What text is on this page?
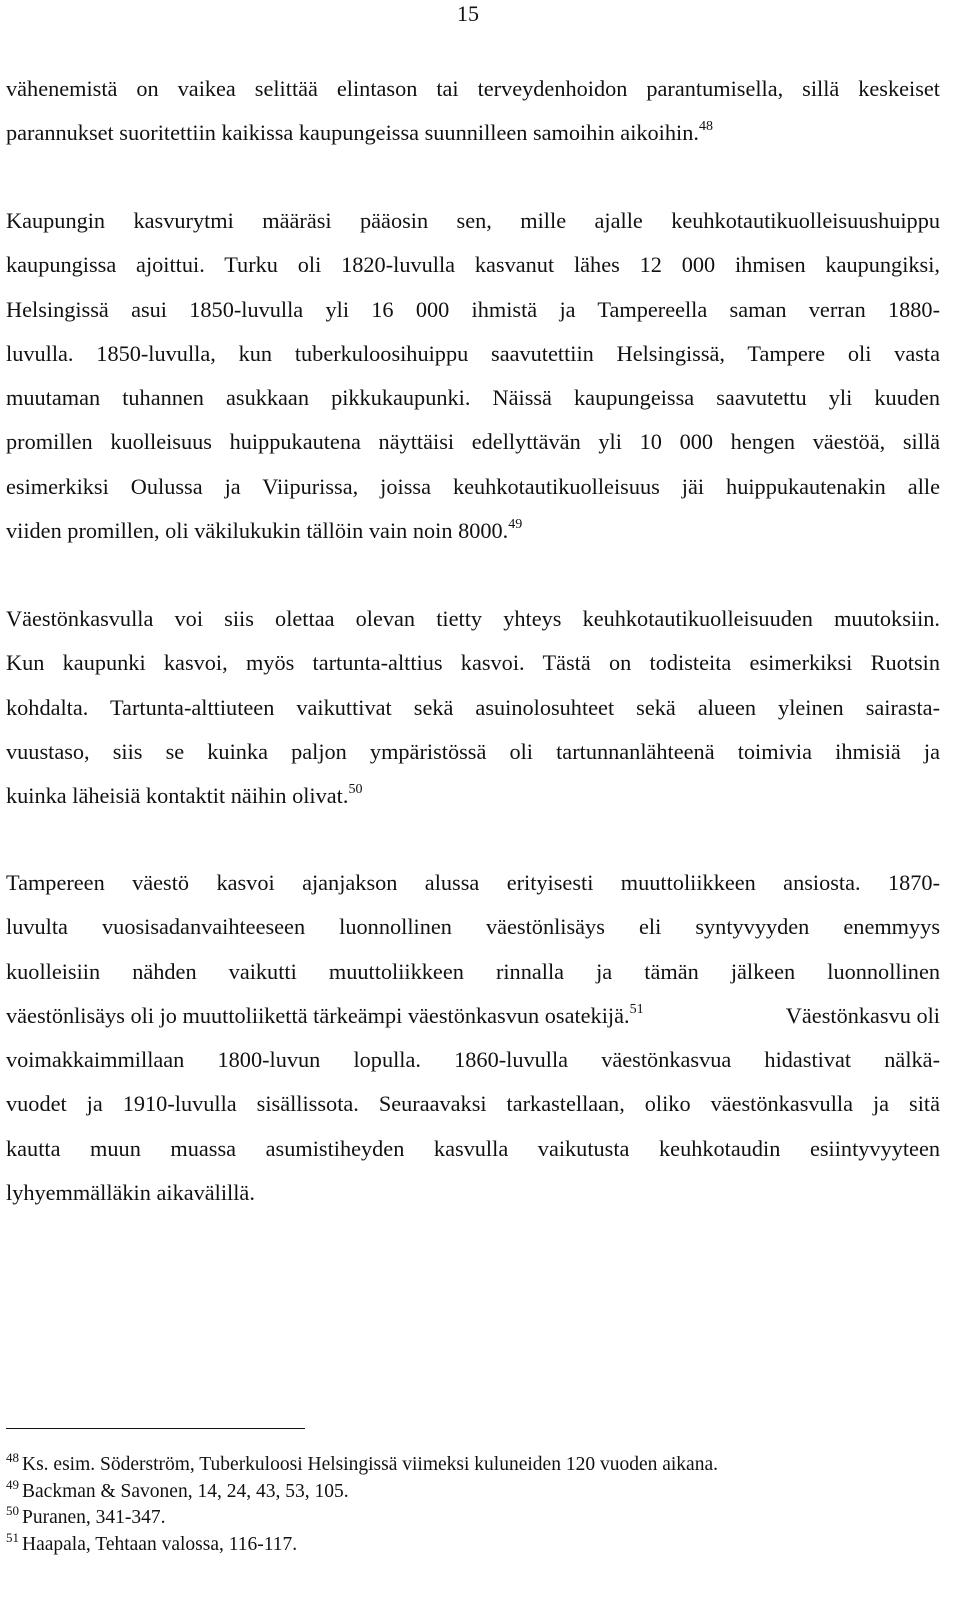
15
vähenemistä on vaikea selittää elintason tai terveydenhoidon parantumisella, sillä keskeiset
parannukset suoritettiin kaikissa kaupungeissa suunnilleen samoihin aikoihin.$^{48}$
Kaupungin kasvurytmi määräsi pääosin sen, mille ajalle keuhkotautikuolleisuushuippu
kaupungissa ajoittui. Turku oli 1820-luvulla kasvanut lähes 12 000 ihmisen kaupungiksi,
Helsingissä asui 1850-luvulla yli 16 000 ihmistä ja Tampereella saman verran 1880-
luvulla. 1850-luvulla, kun tuberkuloosihuippu saavutettiin Helsingissä, Tampere oli vasta
muutaman tuhannen asukkaan pikkukaupunki. Näissä kaupungeissa saavutettu yli kuuden
promillen kuolleisuus huippukautena näyttäisi edellyttävän yli 10 000 hengen väestöä, sillä
esimerkiksi Oulussa ja Viipurissa, joissa keuhkotautikuolleisuus jäi huippukautenakin alle
viiden promillen, oli väkilukukin tällöin vain noin 8000.49
Väestönkasvulla voi siis olettaa olevan tietty yhteys keuhkotautikuolleisuuden muutoksiin.
Kun kaupunki kasvoi, myös tartunta-alttius kasvoi. Tästä on todisteita esimerkiksi Ruotsin
kohdalta. Tartunta-alttiuteen vaikuttivat sekä asuinolosuhteet sekä alueen yleinen sairasta-
vuustaso, siis se kuinka paljon ympäristössä oli tartunnanlähteenä toimivia ihmisiä ja
kuinka läheisiä kontaktit näihin olivat.$^{50}$
Tampereen väestö kasvoi ajanjakson alussa erityisesti muuttoliikkeen ansiosta. 1870-
luvulta vuosisadanvaihteeseen luonnollinen väestönlisäys eli syntyvyyden enemmyys
kuolleisiin nähden vaikutti muuttoliikkeen rinnalla ja tämän jälkeen luonnollinen
väestönlisäys oli jo muuttoliikettä tärkeämpi väestönkasvun osatekijä.$^{51}$	Väestönkasvu oli
voimakkaimmillaan 1800-luvun lopulla. 1860-luvulla väestönkasvua hidastivat nälkä-
vuodet ja 1910-luvulla sisällissota. Seuraavaksi tarkastellaan, oliko väestönkasvulla ja sitä
kautta muun muassa asumistiheyden kasvulla vaikutusta keuhkotaudin esiintyvyyteen
lyhyemmälläkin aikavälillä.
$^{48}$ Ks. esim. Söderström, Tuberkuloosi Helsingissä viimeksi kuluneiden 120 vuoden aikana.
$^{49}$ Backman & Savonen, 14, 24, 43, 53, 105.
$^{50}$ Puranen, 341-347.
$^{51}$ Haapala, Tehtaan valossa, 116-117.
